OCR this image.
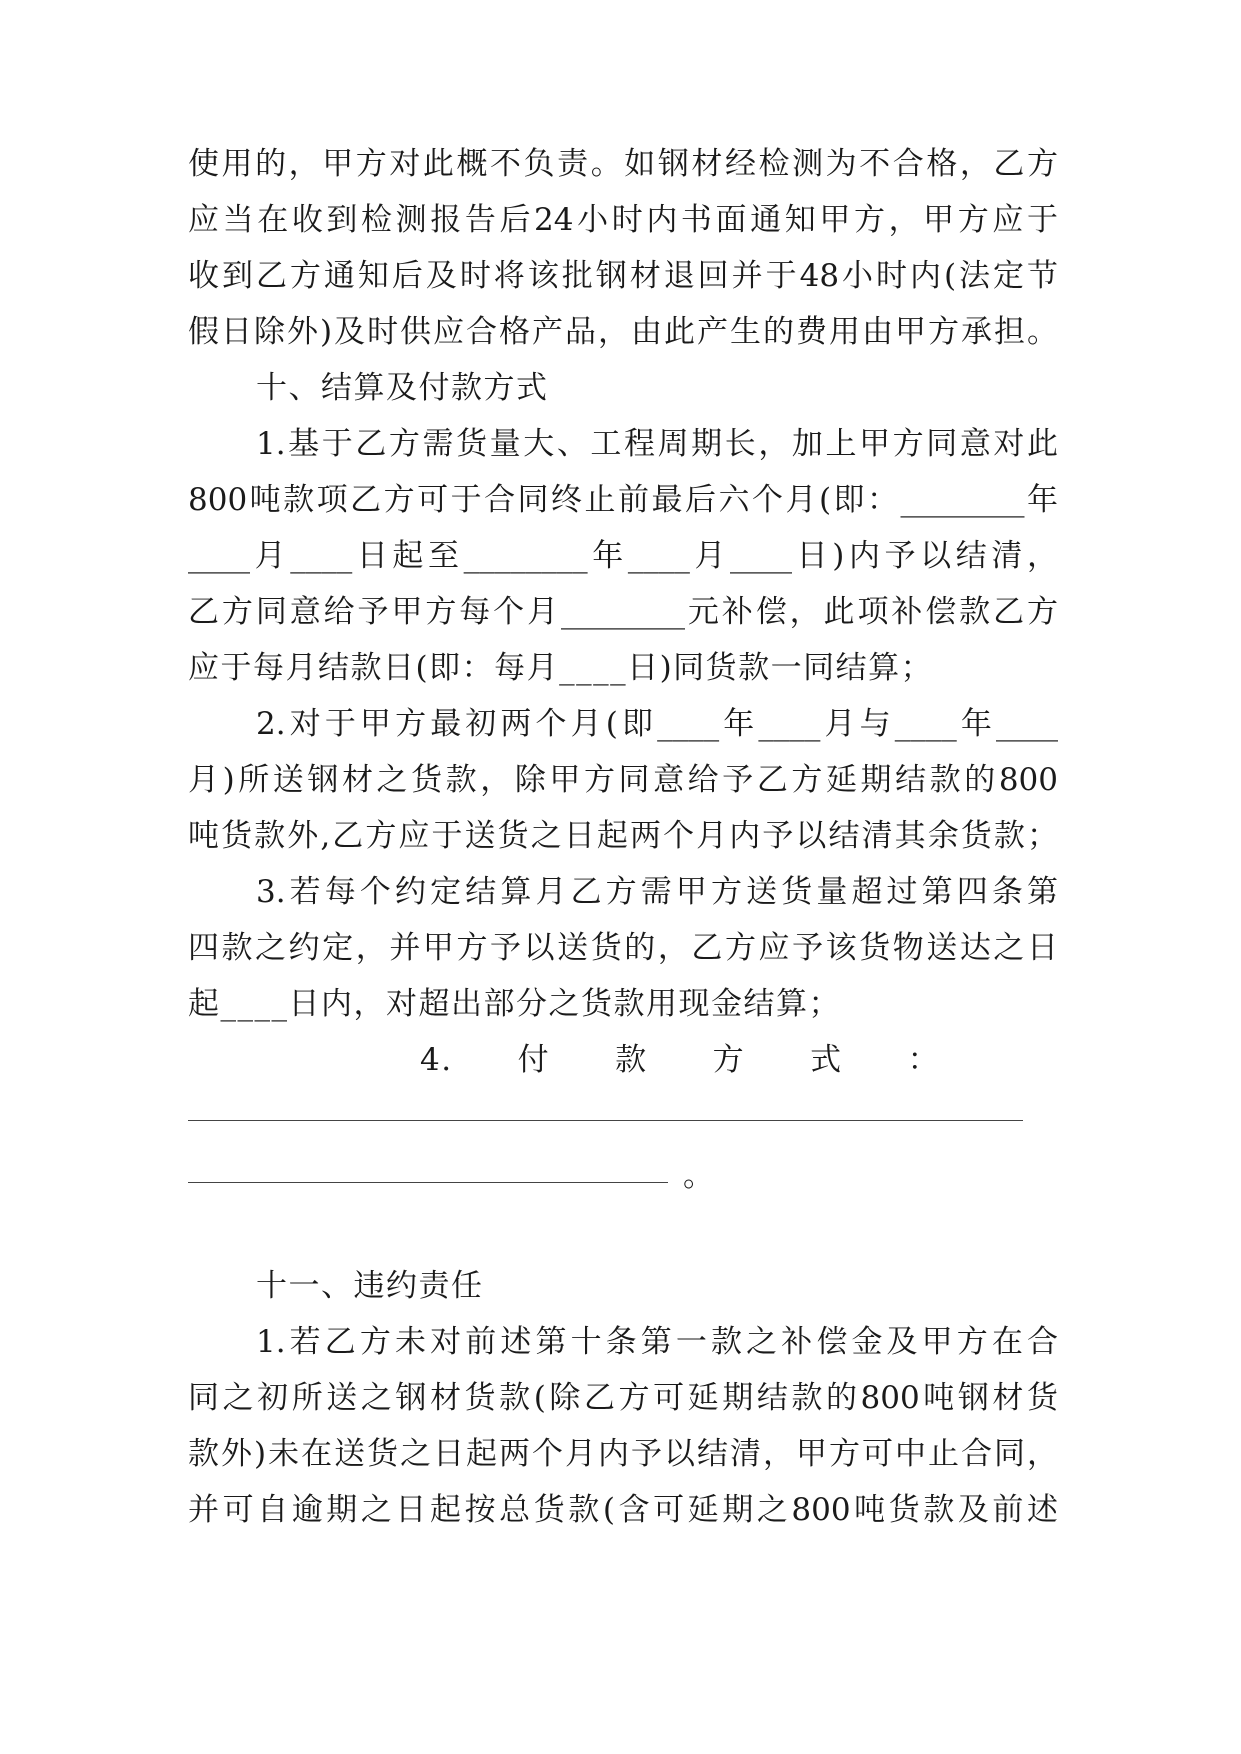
使用的，甲方对此概不负责。如钢材经检测为不合格，乙方
应当在收到检测报告后24小时内书面通知甲方，甲方应于
收到乙方通知后及时将该批钢材退回并于48小时内(法定节
假日除外)及时供应合格产品，由此产生的费用由甲方承担。
十、结算及付款方式
1.基于乙方需货量大、工程周期长，加上甲方同意对此
800吨款项乙方可于合同终止前最后六个月(即：________年
____月____日起至________年____月____日)内予以结清，
乙方同意给予甲方每个月________元补偿，此项补偿款乙方
应于每月结款日(即：每月____日)同货款一同结算；
2.对于甲方最初两个月(即____年____月与____年____
月)所送钢材之货款，除甲方同意给予乙方延期结款的800
吨货款外,乙方应于送货之日起两个月内予以结清其余货款；
3.若每个约定结算月乙方需甲方送货量超过第四条第
四款之约定，并甲方予以送货的，乙方应予该货物送达之日
起____日内，对超出部分之货款用现金结算；
4.　　付　　款　　方　　式　　：
。
十一、违约责任
1.若乙方未对前述第十条第一款之补偿金及甲方在合
同之初所送之钢材货款(除乙方可延期结款的800吨钢材货
款外)未在送货之日起两个月内予以结清，甲方可中止合同，
并可自逾期之日起按总货款(含可延期之800吨货款及前述
